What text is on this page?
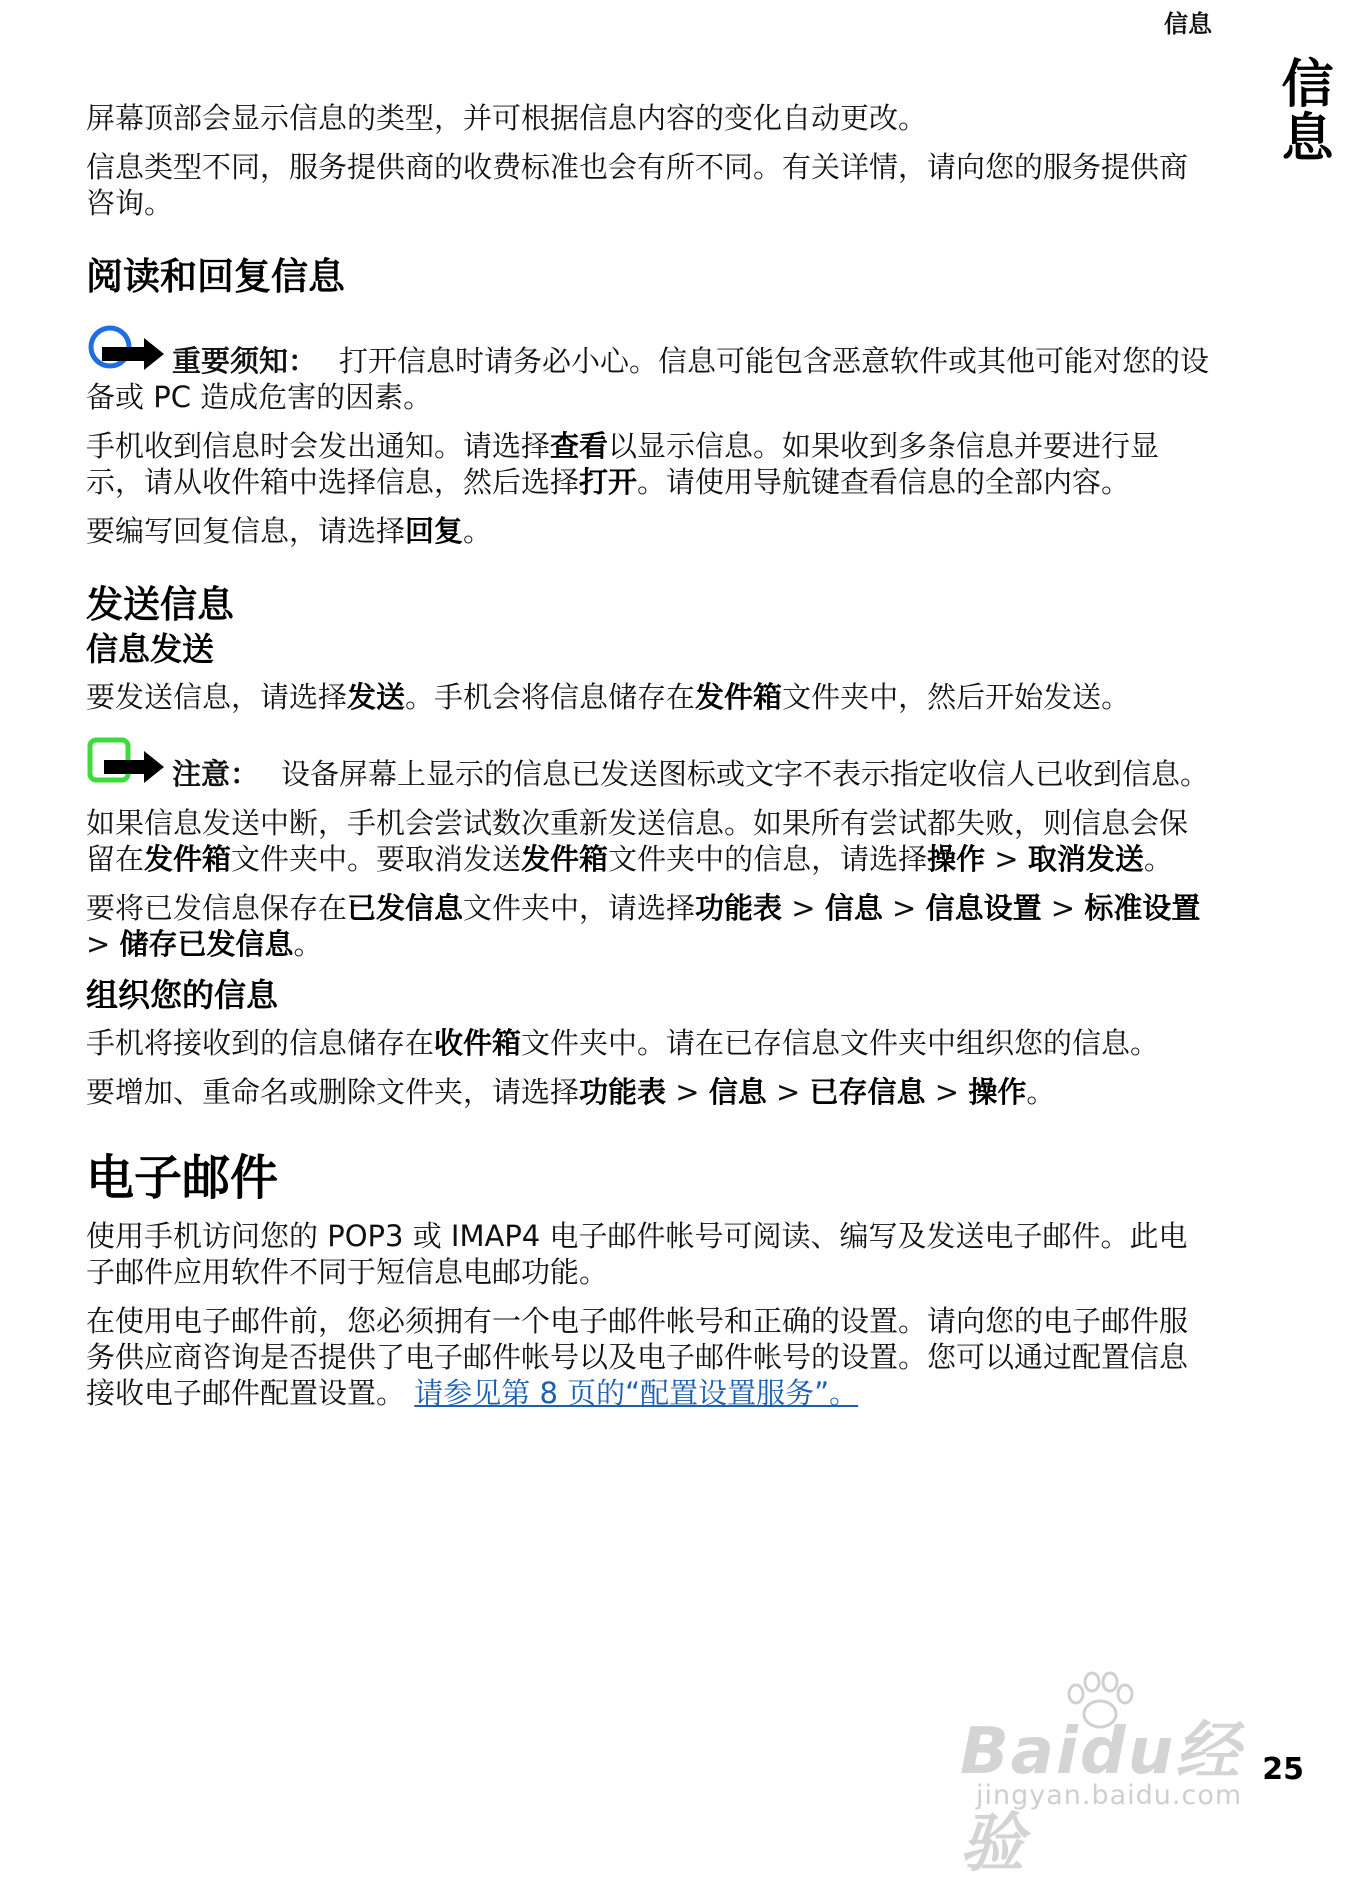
信息
信息

屏幕顶部会显示信息的类型，并可根据信息内容的变化自动更改。

信息类型不同，服务提供商的收费标准也会有所不同。有关详情，请向您的服务提供商咨询。

阅读和回复信息

重要须知： 打开信息时请务必小心。信息可能包含恶意软件或其他可能对您的设备或 PC 造成危害的因素。

手机收到信息时会发出通知。请选择查看以显示信息。如果收到多条信息并要进行显示，请从收件箱中选择信息，然后选择打开。请使用导航键查看信息的全部内容。

要编写回复信息，请选择回复。

发送信息
信息发送

要发送信息，请选择发送。手机会将信息储存在发件箱文件夹中，然后开始发送。

注意： 设备屏幕上显示的信息已发送图标或文字不表示指定收信人已收到信息。

如果信息发送中断，手机会尝试数次重新发送信息。如果所有尝试都失败，则信息会保留在发件箱文件夹中。要取消发送发件箱文件夹中的信息，请选择操作 > 取消发送。

要将已发信息保存在已发信息文件夹中，请选择功能表 > 信息 > 信息设置 > 标准设置 > 储存已发信息。

组织您的信息

手机将接收到的信息储存在收件箱文件夹中。请在已存信息文件夹中组织您的信息。

要增加、重命名或删除文件夹，请选择功能表 > 信息 > 已存信息 > 操作。

电子邮件

使用手机访问您的 POP3 或 IMAP4 电子邮件帐号可阅读、编写及发送电子邮件。此电子邮件应用软件不同于短信息电邮功能。

在使用电子邮件前，您必须拥有一个电子邮件帐号和正确的设置。请向您的电子邮件服务供应商咨询是否提供了电子邮件帐号以及电子邮件帐号的设置。您可以通过配置信息接收电子邮件配置设置。 请参见第 8 页的“配置设置服务”。

Baidu经验
jingyan.baidu.com
25
